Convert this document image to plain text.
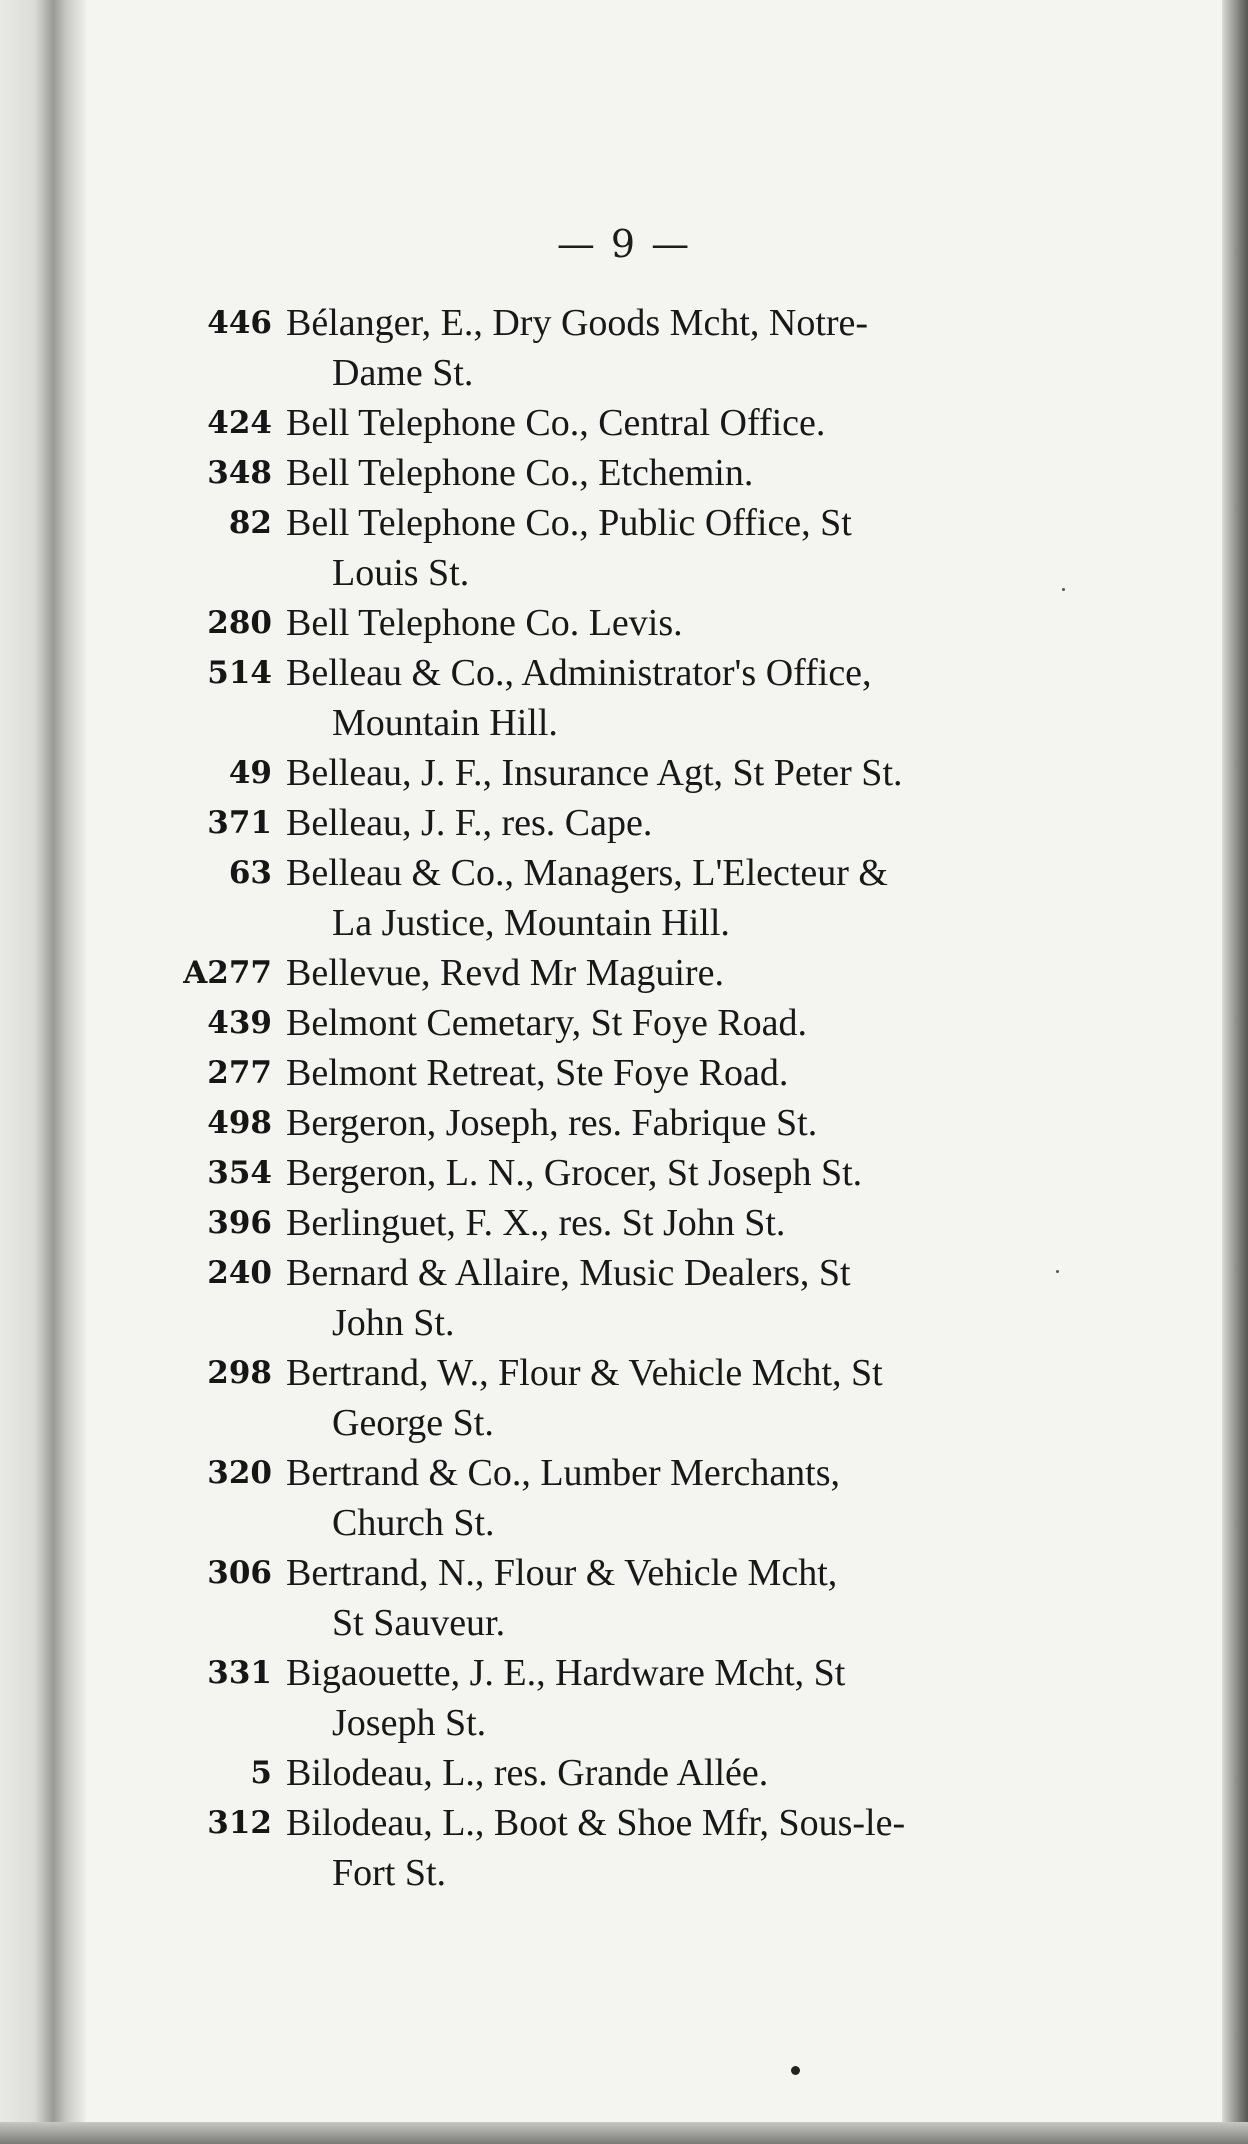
— 9 —
446 Bélanger, E., Dry Goods Mcht, Notre-
Dame St.
424 Bell Telephone Co., Central Office.
348 Bell Telephone Co., Etchemin.
82 Bell Telephone Co., Public Office, St
Louis St.
280 Bell Telephone Co. Levis.
514 Belleau & Co., Administrator's Office,
Mountain Hill.
49 Belleau, J. F., Insurance Agt, St Peter St.
371 Belleau, J. F., res. Cape.
63 Belleau & Co., Managers, L'Electeur &
La Justice, Mountain Hill.
A277 Bellevue, Revd Mr Maguire.
439 Belmont Cemetary, St Foye Road.
277 Belmont Retreat, Ste Foye Road.
498 Bergeron, Joseph, res. Fabrique St.
354 Bergeron, L. N., Grocer, St Joseph St.
396 Berlinguet, F. X., res. St John St.
240 Bernard & Allaire, Music Dealers, St
John St.
298 Bertrand, W., Flour & Vehicle Mcht, St
George St.
320 Bertrand & Co., Lumber Merchants,
Church St.
306 Bertrand, N., Flour & Vehicle Mcht,
St Sauveur.
331 Bigaouette, J. E., Hardware Mcht, St
Joseph St.
5 Bilodeau, L., res. Grande Allée.
312 Bilodeau, L., Boot & Shoe Mfr, Sous-le-
Fort St.
